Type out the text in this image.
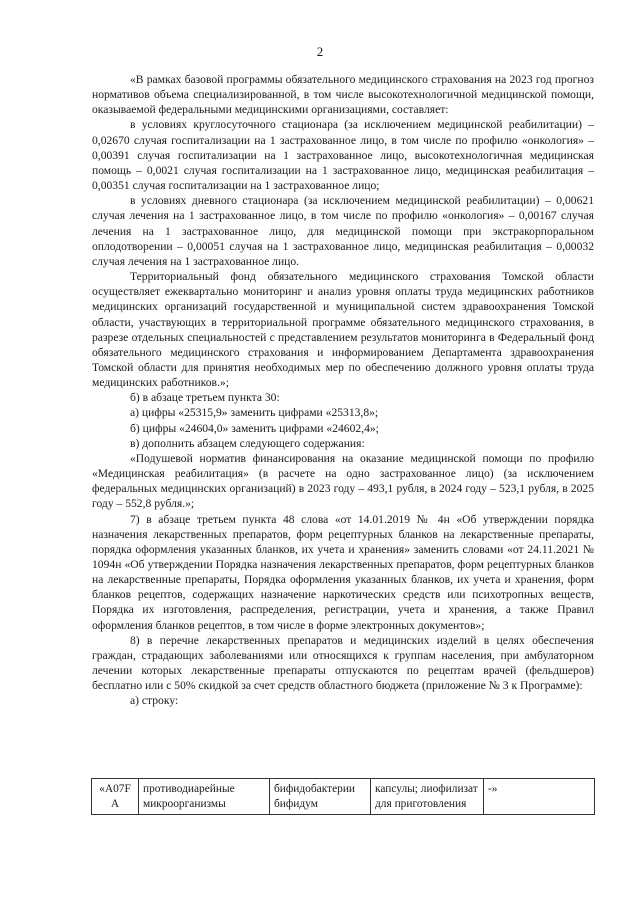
2

«В рамках базовой программы обязательного медицинского страхования на 2023 год прогноз нормативов объема специализированной, в том числе высокотехнологичной медицинской помощи, оказываемой федеральными медицинскими организациями, составляет:

в условиях круглосуточного стационара (за исключением медицинской реабилитации) – 0,02670 случая госпитализации на 1 застрахованное лицо, в том числе по профилю «онкология» – 0,00391 случая госпитализации на 1 застрахованное лицо, высокотехнологичная медицинская помощь – 0,0021 случая госпитализации на 1 застрахованное лицо, медицинская реабилитация – 0,00351 случая госпитализации на 1 застрахованное лицо;

в условиях дневного стационара (за исключением медицинской реабилитации) – 0,00621 случая лечения на 1 застрахованное лицо, в том числе по профилю «онкология» – 0,00167 случая лечения на 1 застрахованное лицо, для медицинской помощи при экстракорпоральном оплодотворении – 0,00051 случая на 1 застрахованное лицо, медицинская реабилитация – 0,00032 случая лечения на 1 застрахованное лицо.

Территориальный фонд обязательного медицинского страхования Томской области осуществляет ежеквартально мониторинг и анализ уровня оплаты труда медицинских работников медицинских организаций государственной и муниципальной систем здравоохранения Томской области, участвующих в территориальной программе обязательного медицинского страхования, в разрезе отдельных специальностей с представлением результатов мониторинга в Федеральный фонд обязательного медицинского страхования и информированием Департамента здравоохранения Томской области для принятия необходимых мер по обеспечению должного уровня оплаты труда медицинских работников.»;

б) в абзаце третьем пункта 30:

а) цифры «25315,9» заменить цифрами «25313,8»;

б) цифры «24604,0» заменить цифрами «24602,4»;

в) дополнить абзацем следующего содержания:

«Подушевой норматив финансирования на оказание медицинской помощи по профилю «Медицинская реабилитация» (в расчете на одно застрахованное лицо) (за исключением федеральных медицинских организаций) в 2023 году – 493,1 рубля, в 2024 году – 523,1 рубля, в 2025 году – 552,8 рубля.»;

7) в абзаце третьем пункта 48 слова «от 14.01.2019 № 4н «Об утверждении порядка назначения лекарственных препаратов, форм рецептурных бланков на лекарственные препараты, порядка оформления указанных бланков, их учета и хранения» заменить словами «от 24.11.2021 № 1094н «Об утверждении Порядка назначения лекарственных препаратов, форм рецептурных бланков на лекарственные препараты, Порядка оформления указанных бланков, их учета и хранения, форм бланков рецептов, содержащих назначение наркотических средств или психотропных веществ, Порядка их изготовления, распределения, регистрации, учета и хранения, а также Правил оформления бланков рецептов, в том числе в форме электронных документов»;

8) в перечне лекарственных препаратов и медицинских изделий в целях обеспечения граждан, страдающих заболеваниями или относящихся к группам населения, при амбулаторном лечении которых лекарственные препараты отпускаются по рецептам врачей (фельдшеров) бесплатно или с 50% скидкой за счет средств областного бюджета (приложение № 3 к Программе):

а) строку:

«A07F A	противодиарейные микроорганизмы	бифидобактерии бифидум	капсулы; лиофилизат для приготовления	-»
